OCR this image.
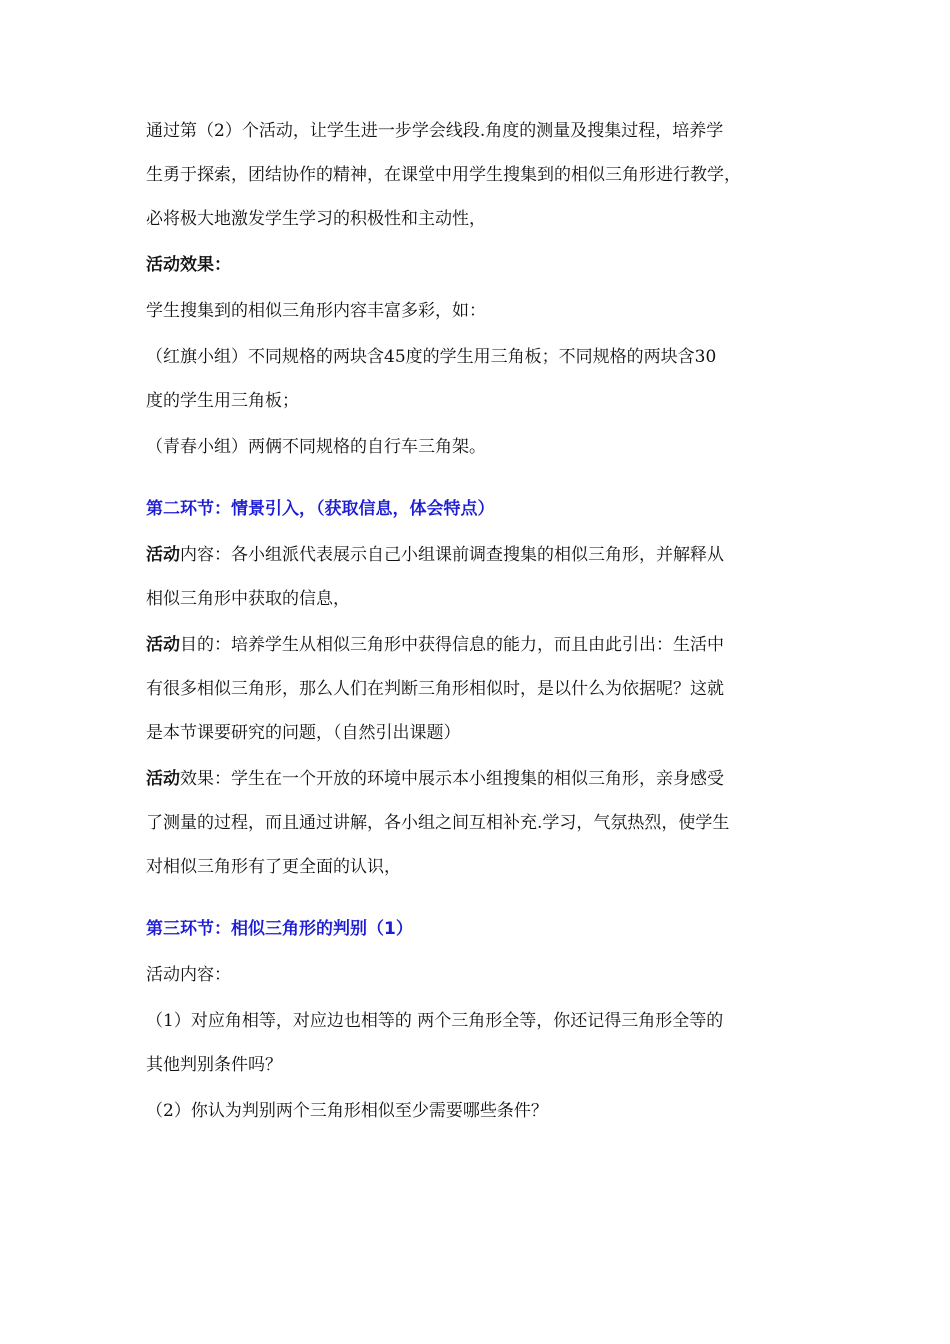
通过第（2）个活动，让学生进一步学会线段.角度的测量及搜集过程，培养学

生勇于探索，团结协作的精神，在课堂中用学生搜集到的相似三角形进行教学，

必将极大地激发学生学习的积极性和主动性，

活动效果：

学生搜集到的相似三角形内容丰富多彩，如：

（红旗小组）不同规格的两块含45度的学生用三角板；不同规格的两块含30

度的学生用三角板；

（青春小组）两俩不同规格的自行车三角架。

第二环节：情景引入，（获取信息，体会特点）

活动内容：各小组派代表展示自己小组课前调查搜集的相似三角形，并解释从

相似三角形中获取的信息，

活动目的：培养学生从相似三角形中获得信息的能力，而且由此引出：生活中

有很多相似三角形，那么人们在判断三角形相似时，是以什么为依据呢？这就

是本节课要研究的问题，（自然引出课题）

活动效果：学生在一个开放的环境中展示本小组搜集的相似三角形，亲身感受

了测量的过程，而且通过讲解，各小组之间互相补充.学习，气氛热烈，使学生

对相似三角形有了更全面的认识，

第三环节：相似三角形的判别（1）

活动内容：

（1）对应角相等，对应边也相等的 两个三角形全等，你还记得三角形全等的

其他判别条件吗？

（2）你认为判别两个三角形相似至少需要哪些条件？
